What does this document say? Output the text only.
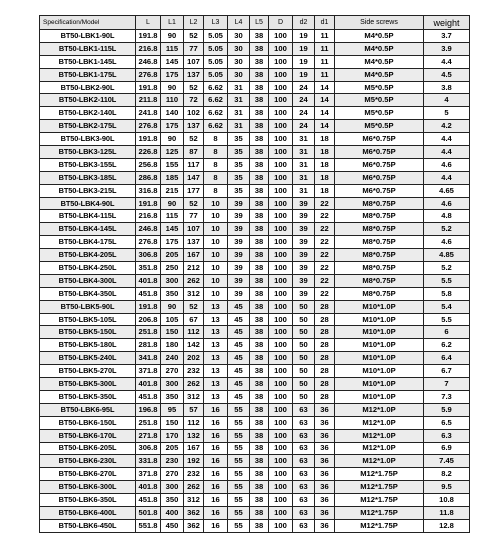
Specification/Model	L	L1	L2	L3	L4	L5	D	d2	d1	Side screws	weight
BT50-LBK1-90L	191.8	90	52	5.05	30	38	100	19	11	M4*0.5P	3.7
BT50-LBK1-115L	216.8	115	77	5.05	30	38	100	19	11	M4*0.5P	3.9
BT50-LBK1-145L	246.8	145	107	5.05	30	38	100	19	11	M4*0.5P	4.4
BT50-LBK1-175L	276.8	175	137	5.05	30	38	100	19	11	M4*0.5P	4.5
BT50-LBK2-90L	191.8	90	52	6.62	31	38	100	24	14	M5*0.5P	3.8
BT50-LBK2-110L	211.8	110	72	6.62	31	38	100	24	14	M5*0.5P	4
BT50-LBK2-140L	241.8	140	102	6.62	31	38	100	24	14	M5*0.5P	5
BT50-LBK2-175L	276.8	175	137	6.62	31	38	100	24	14	M5*0.5P	4.2
BT50-LBK3-90L	191.8	90	52	8	35	38	100	31	18	M6*0.75P	4.4
BT50-LBK3-125L	226.8	125	87	8	35	38	100	31	18	M6*0.75P	4.4
BT50-LBK3-155L	256.8	155	117	8	35	38	100	31	18	M6*0.75P	4.6
BT50-LBK3-185L	286.8	185	147	8	35	38	100	31	18	M6*0.75P	4.4
BT50-LBK3-215L	316.8	215	177	8	35	38	100	31	18	M6*0.75P	4.65
BT50-LBK4-90L	191.8	90	52	10	39	38	100	39	22	M8*0.75P	4.6
BT50-LBK4-115L	216.8	115	77	10	39	38	100	39	22	M8*0.75P	4.8
BT50-LBK4-145L	246.8	145	107	10	39	38	100	39	22	M8*0.75P	5.2
BT50-LBK4-175L	276.8	175	137	10	39	38	100	39	22	M8*0.75P	4.6
BT50-LBK4-205L	306.8	205	167	10	39	38	100	39	22	M8*0.75P	4.85
BT50-LBK4-250L	351.8	250	212	10	39	38	100	39	22	M8*0.75P	5.2
BT50-LBK4-300L	401.8	300	262	10	39	38	100	39	22	M8*0.75P	5.5
BT50-LBK4-350L	451.8	350	312	10	39	38	100	39	22	M8*0.75P	5.8
BT50-LBK5-90L	191.8	90	52	13	45	38	100	50	28	M10*1.0P	5.4
BT50-LBK5-105L	206.8	105	67	13	45	38	100	50	28	M10*1.0P	5.5
BT50-LBK5-150L	251.8	150	112	13	45	38	100	50	28	M10*1.0P	6
BT50-LBK5-180L	281.8	180	142	13	45	38	100	50	28	M10*1.0P	6.2
BT50-LBK5-240L	341.8	240	202	13	45	38	100	50	28	M10*1.0P	6.4
BT50-LBK5-270L	371.8	270	232	13	45	38	100	50	28	M10*1.0P	6.7
BT50-LBK5-300L	401.8	300	262	13	45	38	100	50	28	M10*1.0P	7
BT50-LBK5-350L	451.8	350	312	13	45	38	100	50	28	M10*1.0P	7.3
BT50-LBK6-95L	196.8	95	57	16	55	38	100	63	36	M12*1.0P	5.9
BT50-LBK6-150L	251.8	150	112	16	55	38	100	63	36	M12*1.0P	6.5
BT50-LBK6-170L	271.8	170	132	16	55	38	100	63	36	M12*1.0P	6.3
BT50-LBK6-205L	306.8	205	167	16	55	38	100	63	36	M12*1.0P	6.9
BT50-LBK6-230L	331.8	230	192	16	55	38	100	63	36	M12*1.0P	7.45
BT50-LBK6-270L	371.8	270	232	16	55	38	100	63	36	M12*1.75P	8.2
BT50-LBK6-300L	401.8	300	262	16	55	38	100	63	36	M12*1.75P	9.5
BT50-LBK6-350L	451.8	350	312	16	55	38	100	63	36	M12*1.75P	10.8
BT50-LBK6-400L	501.8	400	362	16	55	38	100	63	36	M12*1.75P	11.8
BT50-LBK6-450L	551.8	450	362	16	55	38	100	63	36	M12*1.75P	12.8
